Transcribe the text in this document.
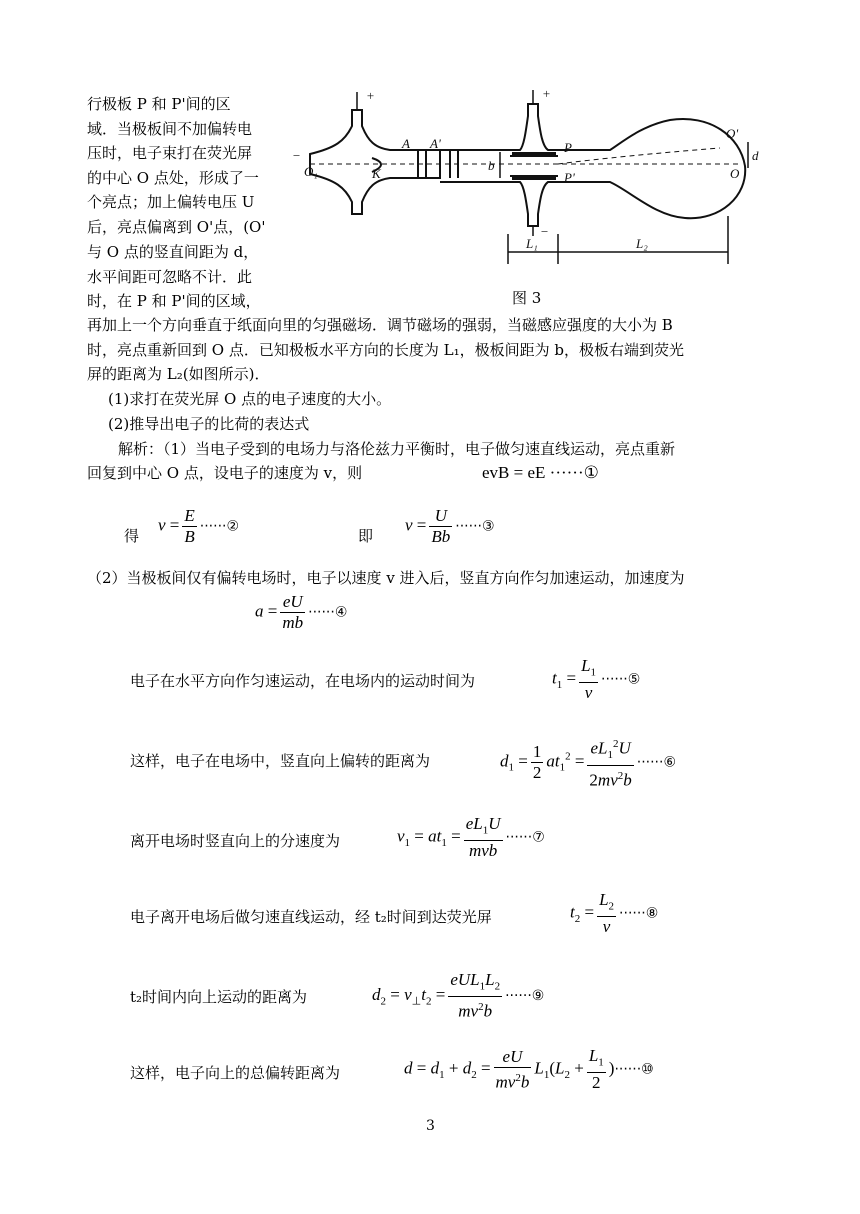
行极板 P 和 P'间的区
域．当极板间不加偏转电
压时，电子束打在荧光屏
的中心 O 点处，形成了一
个亮点；加上偏转电压 U
后，亮点偏离到 O'点，(O'
与 O 点的竖直间距为 d，
水平间距可忽略不计．此
时，在 P 和 P'间的区域，
+
−
O₁	K
A A'
+
−
b
P
P'
O'
O
d
L₁	L₂
图 3
再加上一个方向垂直于纸面向里的匀强磁场．调节磁场的强弱，当磁感应强度的大小为 B
时，亮点重新回到 O 点．已知极板水平方向的长度为 L₁，极板间距为 b，极板右端到荧光
屏的距离为 L₂(如图所示)．
(1)求打在荧光屏 O 点的电子速度的大小。
(2)推导出电子的比荷的表达式
解析：（1）当电子受到的电场力与洛伦兹力平衡时，电子做匀速直线运动，亮点重新
回复到中心 O 点，设电子的速度为 v，则	evB = eE ······①
得
$v = \frac{E}{B}$ ······②
即
$v = \frac{U}{Bb}$ ······③
（2）当极板间仅有偏转电场时，电子以速度 v 进入后，竖直方向作匀加速运动，加速度为
$a = \frac{eU}{mb}$ ······④
电子在水平方向作匀速运动，在电场内的运动时间为	$t_1 = \frac{L_1}{v}$ ······⑤
这样，电子在电场中，竖直向上偏转的距离为	$d_1 = \frac{1}{2} at_1^2 = \frac{eL_1^2U}{2mv^2b}$ ······⑥
离开电场时竖直向上的分速度为	$v_1 = at_1 = \frac{eL_1U}{\text{mvb}}$ ······⑦
电子离开电场后做匀速直线运动，经 t₂时间到达荧光屏	$t_2 = \frac{L_2}{v}$ ······⑧
t₂时间内向上运动的距离为	$d_2 = v_\perp t_2 = \frac{eUL_1L_2}{mv^2b}$ ······⑨
这样，电子向上的总偏转距离为	$d = d_1 + d_2 = \frac{eU}{mv^2b} L_1(L_2 + \frac{L_1}{2}$ )······⑩
3
